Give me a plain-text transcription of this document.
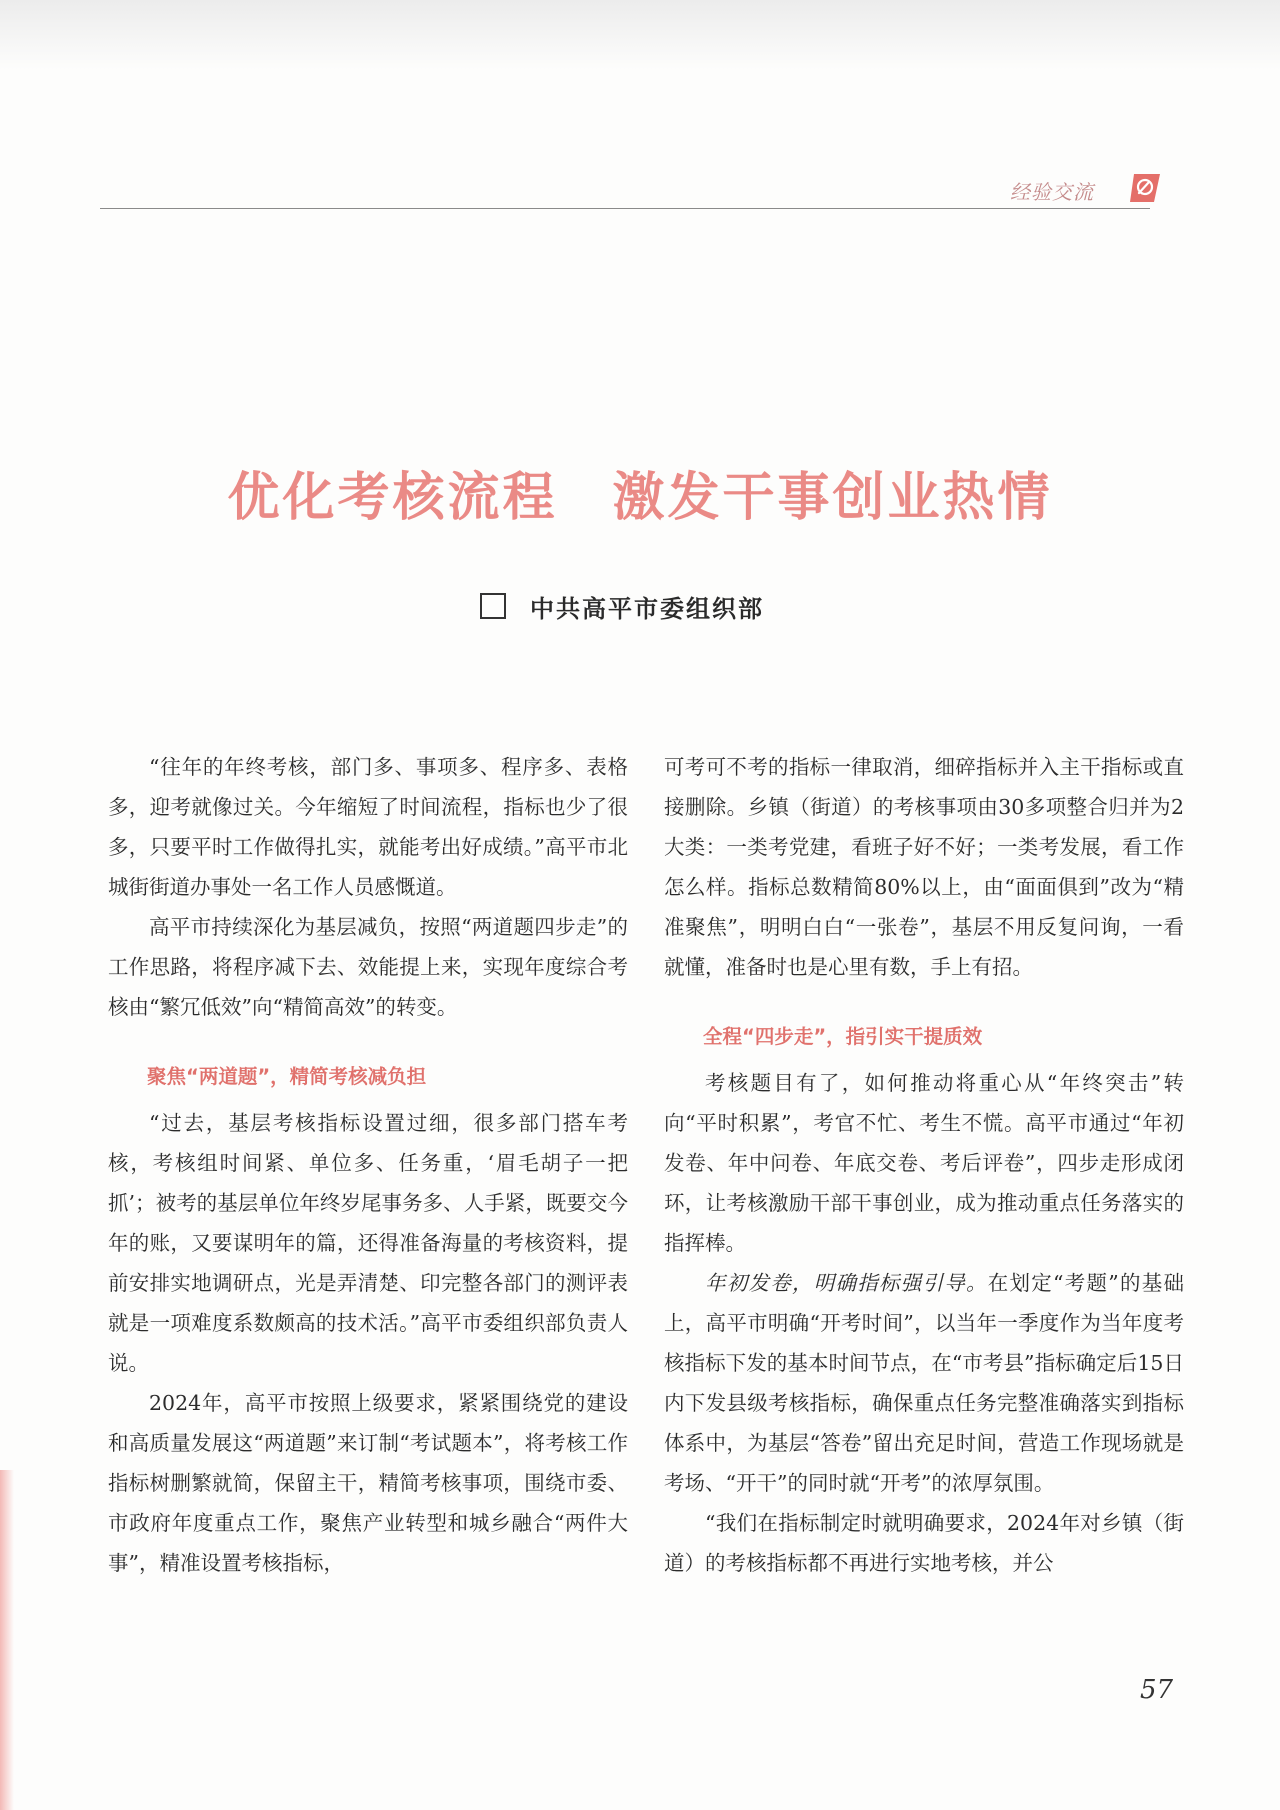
经验交流
优化考核流程　激发干事创业热情
中共高平市委组织部

“往年的年终考核，部门多、事项多、程序多、表格多，迎考就像过关。今年缩短了时间流程，指标也少了很多，只要平时工作做得扎实，就能考出好成绩。”高平市北城街街道办事处一名工作人员感慨道。

高平市持续深化为基层减负，按照“两道题四步走”的工作思路，将程序减下去、效能提上来，实现年度综合考核由“繁冗低效”向“精简高效”的转变。

聚焦“两道题”，精简考核减负担

“过去，基层考核指标设置过细，很多部门搭车考核，考核组时间紧、单位多、任务重，‘眉毛胡子一把抓’；被考的基层单位年终岁尾事务多、人手紧，既要交今年的账，又要谋明年的篇，还得准备海量的考核资料，提前安排实地调研点，光是弄清楚、印完整各部门的测评表就是一项难度系数颇高的技术活。”高平市委组织部负责人说。

2024年，高平市按照上级要求，紧紧围绕党的建设和高质量发展这“两道题”来订制“考试题本”，将考核工作指标树删繁就简，保留主干，精简考核事项，围绕市委、市政府年度重点工作，聚焦产业转型和城乡融合“两件大事”，精准设置考核指标，

可考可不考的指标一律取消，细碎指标并入主干指标或直接删除。乡镇（街道）的考核事项由30多项整合归并为2大类：一类考党建，看班子好不好；一类考发展，看工作怎么样。指标总数精简80%以上，由“面面俱到”改为“精准聚焦”，明明白白“一张卷”，基层不用反复问询，一看就懂，准备时也是心里有数，手上有招。

全程“四步走”，指引实干提质效

考核题目有了，如何推动将重心从“年终突击”转向“平时积累”，考官不忙、考生不慌。高平市通过“年初发卷、年中问卷、年底交卷、考后评卷”，四步走形成闭环，让考核激励干部干事创业，成为推动重点任务落实的指挥棒。

年初发卷，明确指标强引导。在划定“考题”的基础上，高平市明确“开考时间”，以当年一季度作为当年度考核指标下发的基本时间节点，在“市考县”指标确定后15日内下发县级考核指标，确保重点任务完整准确落实到指标体系中，为基层“答卷”留出充足时间，营造工作现场就是考场、“开干”的同时就“开考”的浓厚氛围。

“我们在指标制定时就明确要求，2024年对乡镇（街道）的考核指标都不再进行实地考核，并公

57
